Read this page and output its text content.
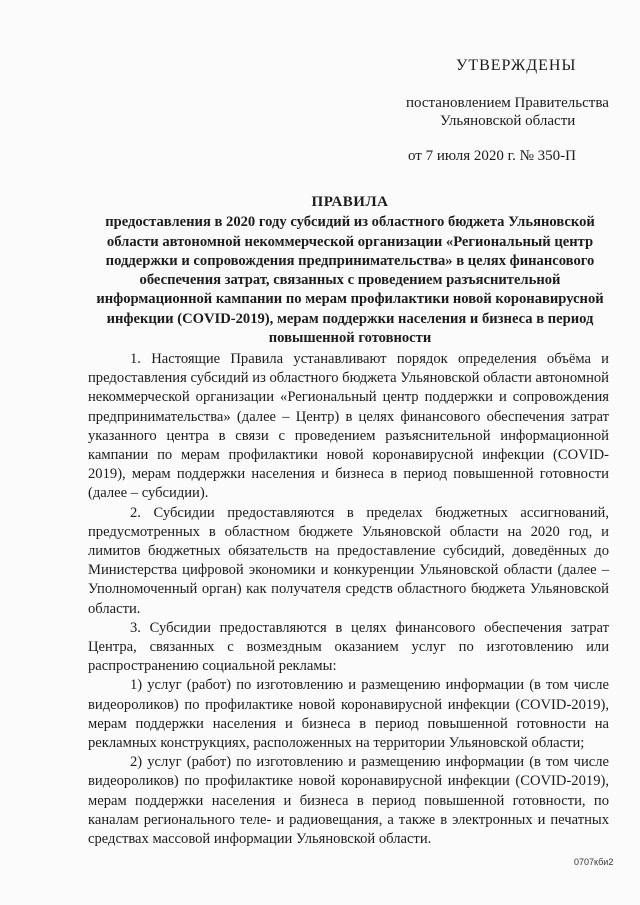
УТВЕРЖДЕНЫ
постановлением Правительства
Ульяновской области
от 7 июля 2020 г. № 350-П
ПРАВИЛА
предоставления в 2020 году субсидий из областного бюджета Ульяновской области автономной некоммерческой организации «Региональный центр поддержки и сопровождения предпринимательства» в целях финансового обеспечения затрат, связанных с проведением разъяснительной информационной кампании по мерам профилактики новой коронавирусной инфекции (COVID-2019), мерам поддержки населения и бизнеса в период повышенной готовности

1. Настоящие Правила устанавливают порядок определения объёма и предоставления субсидий из областного бюджета Ульяновской области автономной некоммерческой организации «Региональный центр поддержки и сопровождения предпринимательства» (далее – Центр) в целях финансового обеспечения затрат указанного центра в связи с проведением разъяснительной информационной кампании по мерам профилактики новой коронавирусной инфекции (COVID-2019), мерам поддержки населения и бизнеса в период повышенной готовности (далее – субсидии).

2. Субсидии предоставляются в пределах бюджетных ассигнований, предусмотренных в областном бюджете Ульяновской области на 2020 год, и лимитов бюджетных обязательств на предоставление субсидий, доведённых до Министерства цифровой экономики и конкуренции Ульяновской области (далее – Уполномоченный орган) как получателя средств областного бюджета Ульяновской области.

3. Субсидии предоставляются в целях финансового обеспечения затрат Центра, связанных с возмездным оказанием услуг по изготовлению или распространению социальной рекламы:

1) услуг (работ) по изготовлению и размещению информации (в том числе видеороликов) по профилактике новой коронавирусной инфекции (COVID-2019), мерам поддержки населения и бизнеса в период повышенной готовности на рекламных конструкциях, расположенных на территории Ульяновской области;

2) услуг (работ) по изготовлению и размещению информации (в том числе видеороликов) по профилактике новой коронавирусной инфекции (COVID-2019), мерам поддержки населения и бизнеса в период повышенной готовности, по каналам регионального теле- и радиовещания, а также в электронных и печатных средствах массовой информации Ульяновской области.

0707кби2
